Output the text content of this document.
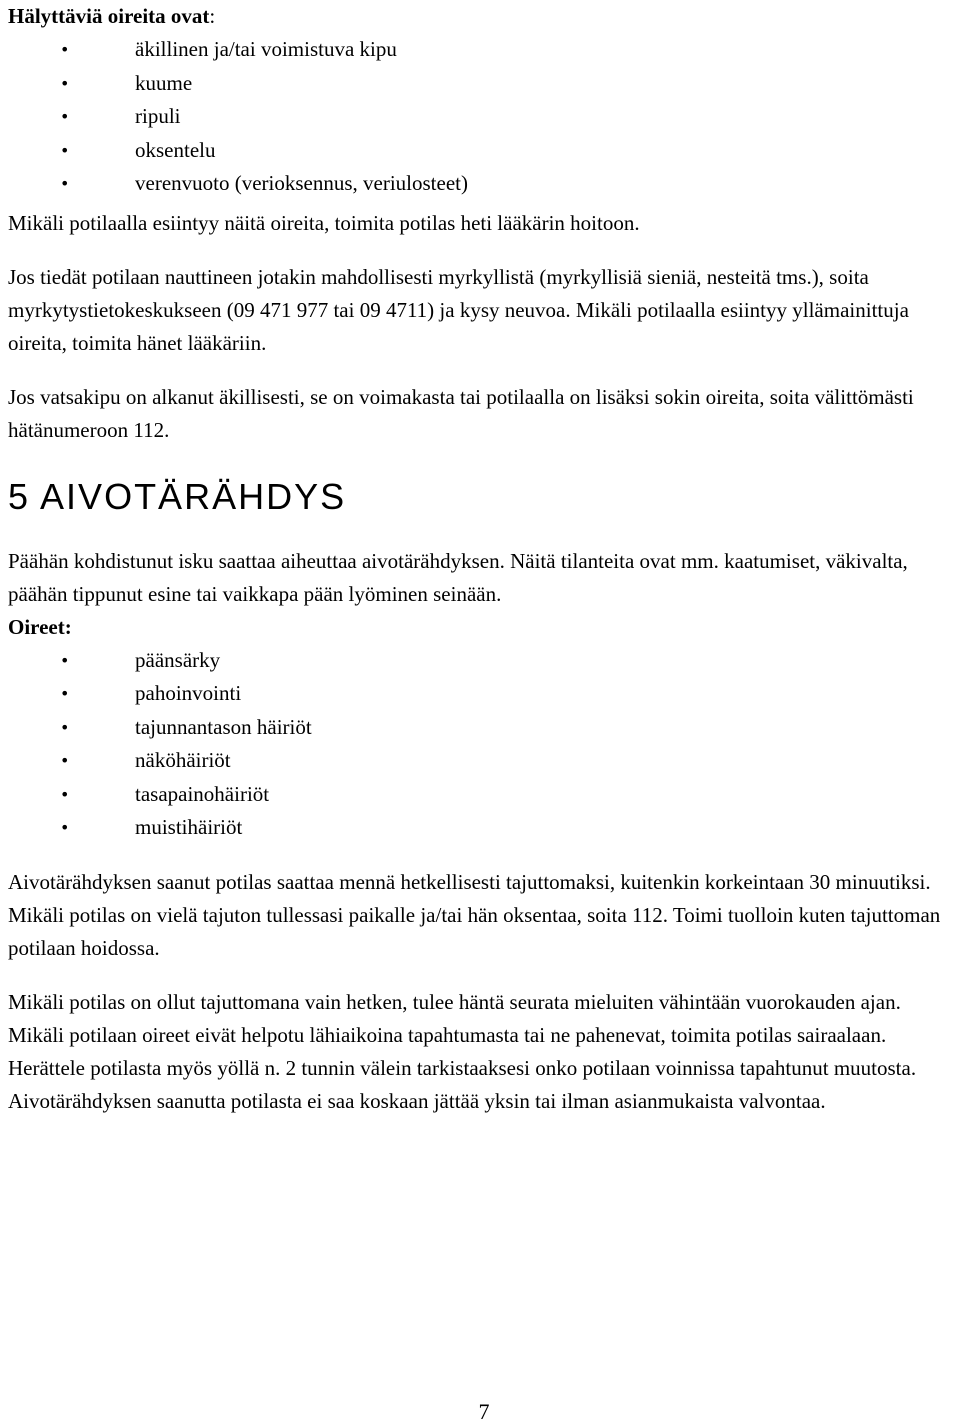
Hälyttäviä oireita ovat:

•	äkillinen ja/tai voimistuva kipu
•	kuume
•	ripuli
•	oksentelu
•	verenvuoto (verioksennus, veriulosteet)

Mikäli potilaalla esiintyy näitä oireita, toimita potilas heti lääkärin hoitoon.

Jos tiedät potilaan nauttineen jotakin mahdollisesti myrkyllistä (myrkyllisiä sieniä, nesteitä tms.), soita myrkytystietokeskukseen (09 471 977 tai 09 4711) ja kysy neuvoa. Mikäli potilaalla esiintyy yllämainittuja oireita, toimita hänet lääkäriin.

Jos vatsakipu on alkanut äkillisesti, se on voimakasta tai potilaalla on lisäksi sokin oireita, soita välittömästi hätänumeroon 112.

5 AIVOTÄRÄHDYS

Päähän kohdistunut isku saattaa aiheuttaa aivotärähdyksen. Näitä tilanteita ovat mm. kaatumiset, väkivalta, päähän tippunut esine tai vaikkapa pään lyöminen seinään.

Oireet:

•	päänsärky
•	pahoinvointi
•	tajunnantason häiriöt
•	näköhäiriöt
•	tasapainohäiriöt
•	muistihäiriöt

Aivotärähdyksen saanut potilas saattaa mennä hetkellisesti tajuttomaksi, kuitenkin korkeintaan 30 minuutiksi. Mikäli potilas on vielä tajuton tullessasi paikalle ja/tai hän oksentaa, soita 112. Toimi tuolloin kuten tajuttoman potilaan hoidossa.

Mikäli potilas on ollut tajuttomana vain hetken, tulee häntä seurata mieluiten vähintään vuorokauden ajan. Mikäli potilaan oireet eivät helpotu lähiaikoina tapahtumasta tai ne pahenevat, toimita potilas sairaalaan. Herättele potilasta myös yöllä n. 2 tunnin välein tarkistaaksesi onko potilaan voinnissa tapahtunut muutosta. Aivotärähdyksen saanutta potilasta ei saa koskaan jättää yksin tai ilman asianmukaista valvontaa.

7
